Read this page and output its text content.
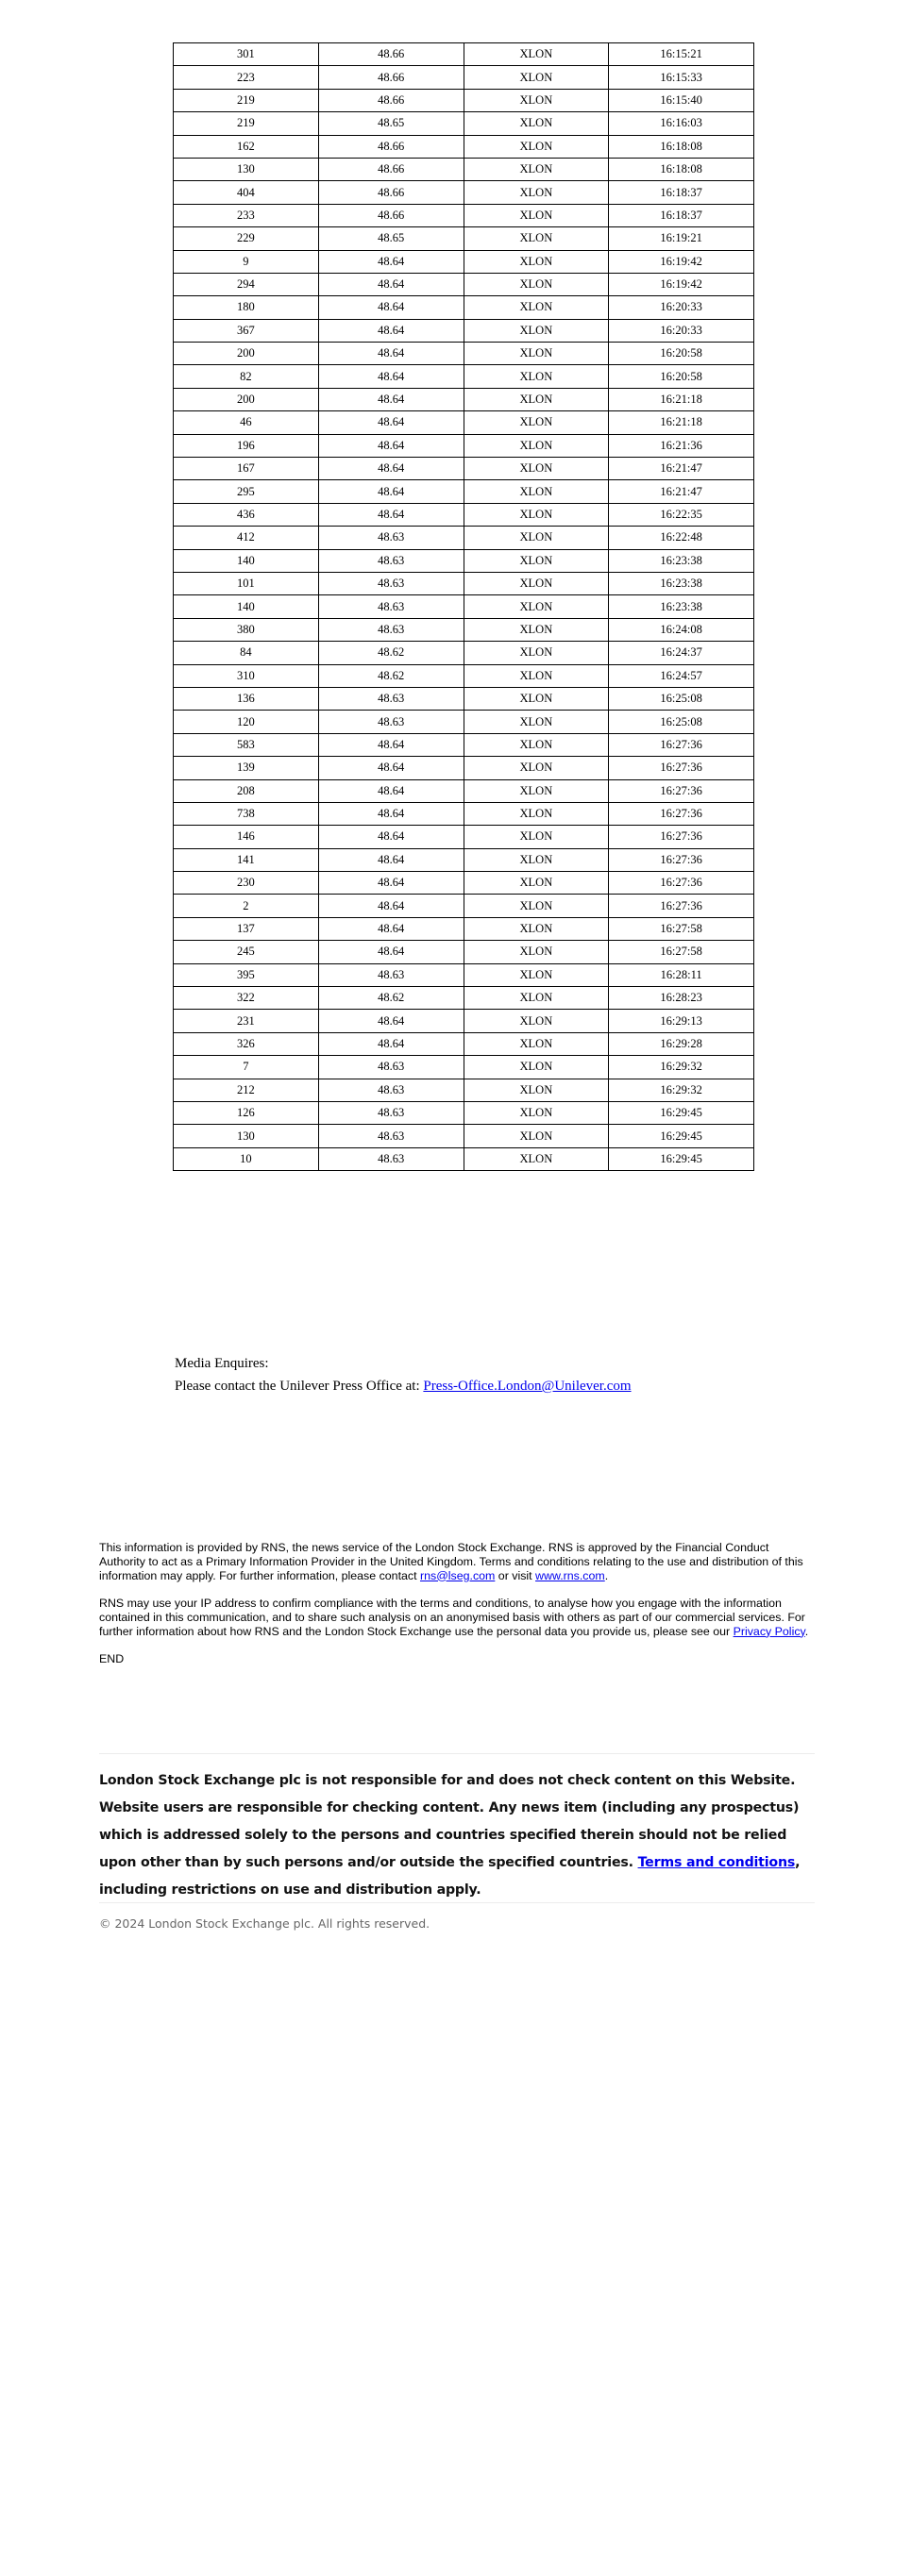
301	48.66	XLON	16:15:21
223	48.66	XLON	16:15:33
219	48.66	XLON	16:15:40
219	48.65	XLON	16:16:03
162	48.66	XLON	16:18:08
130	48.66	XLON	16:18:08
404	48.66	XLON	16:18:37
233	48.66	XLON	16:18:37
229	48.65	XLON	16:19:21
9	48.64	XLON	16:19:42
294	48.64	XLON	16:19:42
180	48.64	XLON	16:20:33
367	48.64	XLON	16:20:33
200	48.64	XLON	16:20:58
82	48.64	XLON	16:20:58
200	48.64	XLON	16:21:18
46	48.64	XLON	16:21:18
196	48.64	XLON	16:21:36
167	48.64	XLON	16:21:47
295	48.64	XLON	16:21:47
436	48.64	XLON	16:22:35
412	48.63	XLON	16:22:48
140	48.63	XLON	16:23:38
101	48.63	XLON	16:23:38
140	48.63	XLON	16:23:38
380	48.63	XLON	16:24:08
84	48.62	XLON	16:24:37
310	48.62	XLON	16:24:57
136	48.63	XLON	16:25:08
120	48.63	XLON	16:25:08
583	48.64	XLON	16:27:36
139	48.64	XLON	16:27:36
208	48.64	XLON	16:27:36
738	48.64	XLON	16:27:36
146	48.64	XLON	16:27:36
141	48.64	XLON	16:27:36
230	48.64	XLON	16:27:36
2	48.64	XLON	16:27:36
137	48.64	XLON	16:27:58
245	48.64	XLON	16:27:58
395	48.63	XLON	16:28:11
322	48.62	XLON	16:28:23
231	48.64	XLON	16:29:13
326	48.64	XLON	16:29:28
7	48.63	XLON	16:29:32
212	48.63	XLON	16:29:32
126	48.63	XLON	16:29:45
130	48.63	XLON	16:29:45
10	48.63	XLON	16:29:45
Media Enquires:
Please contact the Unilever Press Office at: Press-Office.London@Unilever.com

This information is provided by RNS, the news service of the London Stock Exchange. RNS is approved by the Financial Conduct Authority to act as a Primary Information Provider in the United Kingdom. Terms and conditions relating to the use and distribution of this information may apply. For further information, please contact rns@lseg.com or visit www.rns.com.

RNS may use your IP address to confirm compliance with the terms and conditions, to analyse how you engage with the information contained in this communication, and to share such analysis on an anonymised basis with others as part of our commercial services. For further information about how RNS and the London Stock Exchange use the personal data you provide us, please see our Privacy Policy.

END

London Stock Exchange plc is not responsible for and does not check content on this Website. Website users are responsible for checking content. Any news item (including any prospectus) which is addressed solely to the persons and countries specified therein should not be relied upon other than by such persons and/or outside the specified countries. Terms and conditions, including restrictions on use and distribution apply.
© 2024 London Stock Exchange plc. All rights reserved.
